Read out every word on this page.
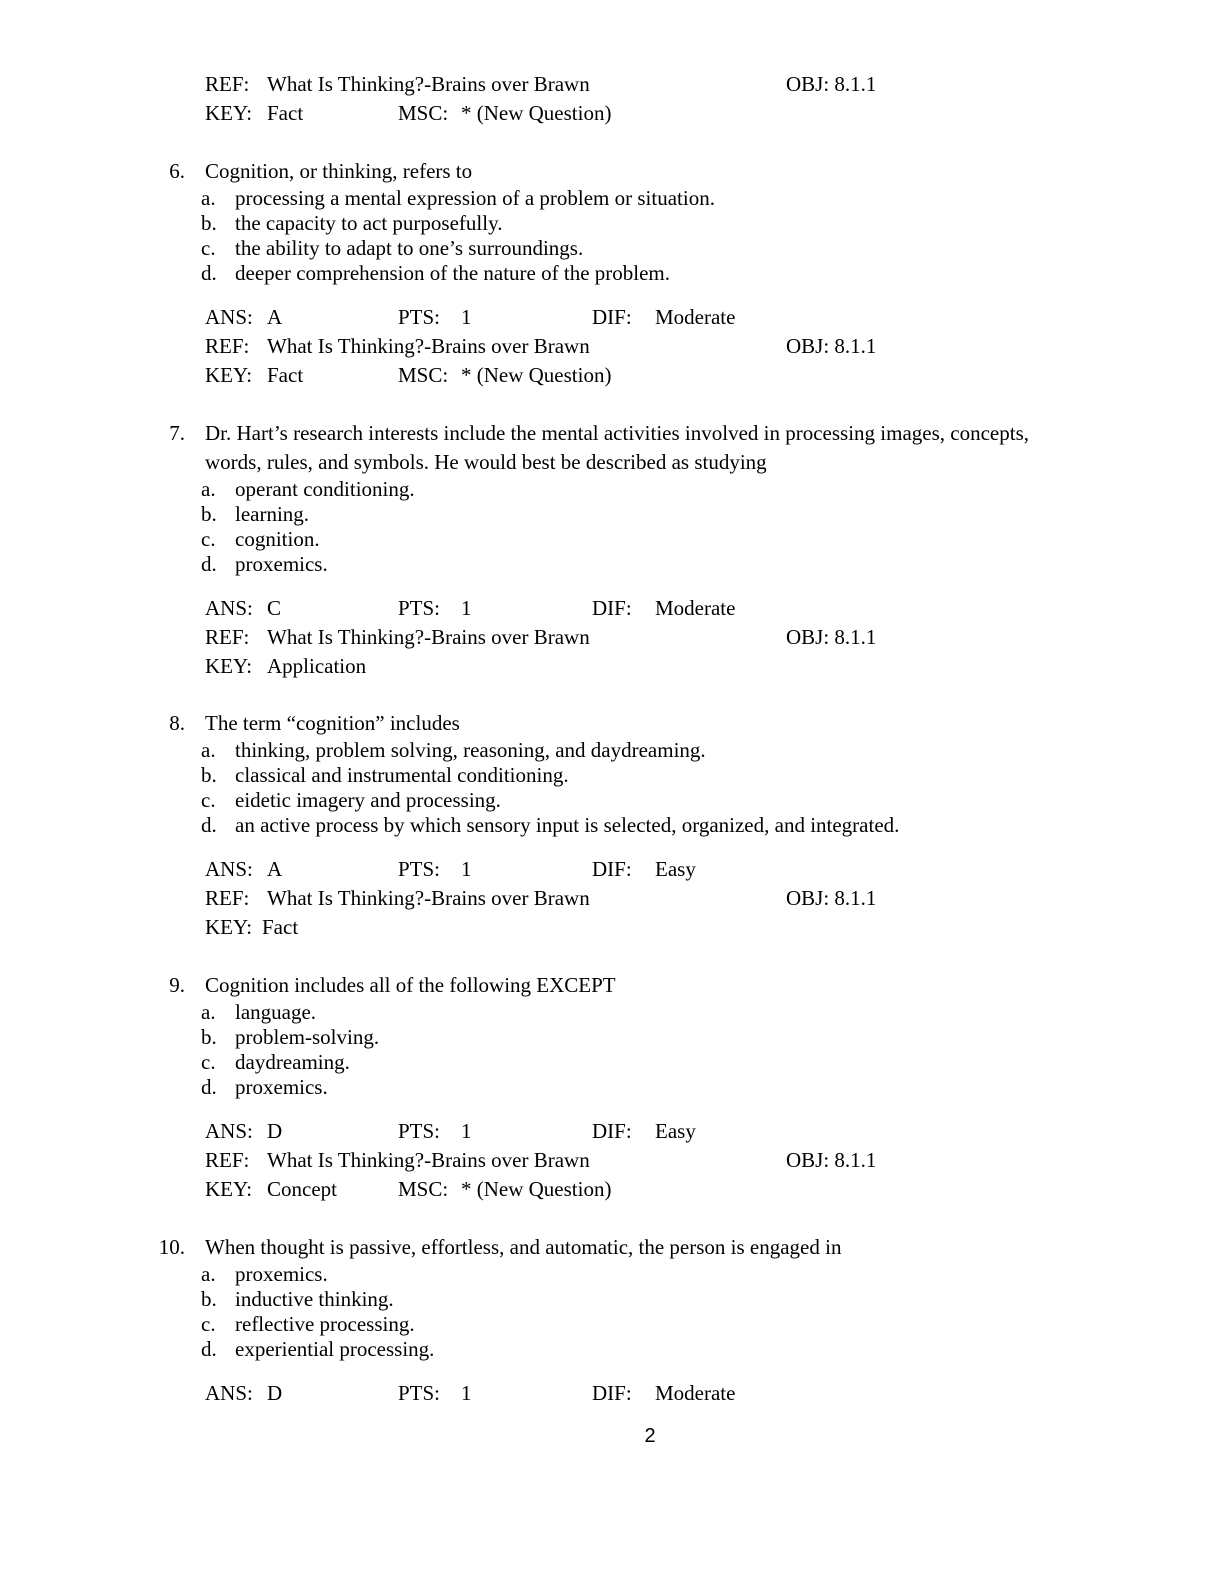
REF: What Is Thinking?-Brains over Brawn	OBJ: 8.1.1
KEY: Fact	MSC: * (New Question)
6. Cognition, or thinking, refers to
a. processing a mental expression of a problem or situation.
b. the capacity to act purposefully.
c. the ability to adapt to one’s surroundings.
d. deeper comprehension of the nature of the problem.
ANS: A	PTS: 1	DIF: Moderate
REF: What Is Thinking?-Brains over Brawn	OBJ: 8.1.1
KEY: Fact	MSC: * (New Question)
7. Dr. Hart’s research interests include the mental activities involved in processing images, concepts,
words, rules, and symbols. He would best be described as studying
a. operant conditioning.
b. learning.
c. cognition.
d. proxemics.
ANS: C	PTS: 1	DIF: Moderate
REF: What Is Thinking?-Brains over Brawn	OBJ: 8.1.1
KEY: Application
8. The term “cognition” includes
a. thinking, problem solving, reasoning, and daydreaming.
b. classical and instrumental conditioning.
c. eidetic imagery and processing.
d. an active process by which sensory input is selected, organized, and integrated.
ANS: A	PTS: 1	DIF: Easy
REF: What Is Thinking?-Brains over Brawn	OBJ: 8.1.1
KEY: Fact
9. Cognition includes all of the following EXCEPT
a. language.
b. problem-solving.
c. daydreaming.
d. proxemics.
ANS: D	PTS: 1	DIF: Easy
REF: What Is Thinking?-Brains over Brawn	OBJ: 8.1.1
KEY: Concept	MSC: * (New Question)
10. When thought is passive, effortless, and automatic, the person is engaged in
a. proxemics.
b. inductive thinking.
c. reflective processing.
d. experiential processing.
ANS: D	PTS: 1	DIF: Moderate
2
